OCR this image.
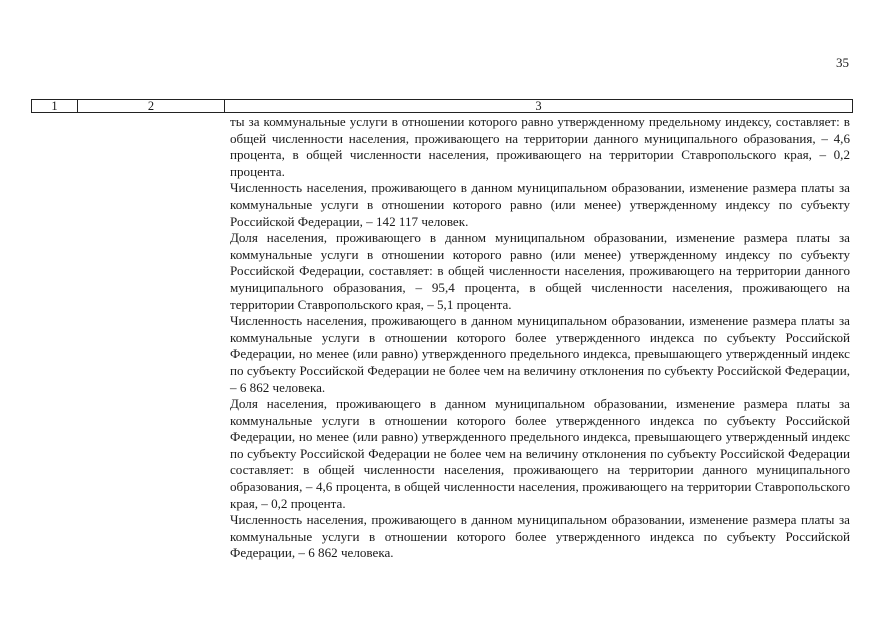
35
1	2	3

ты за коммунальные услуги в отношении которого равно утвержденному предельному индексу, составляет: в общей численности населения, проживающего на территории данного муниципального образования, – 4,6 процента, в общей численности населения, проживающего на территории Ставропольского края, – 0,2 процента.

Численность населения, проживающего в данном муниципальном образовании, изменение размера платы за коммунальные услуги в отношении которого равно (или менее) утвержденному индексу по субъекту Российской Федерации, – 142 117 человек.

Доля населения, проживающего в данном муниципальном образовании, изменение размера платы за коммунальные услуги в отношении которого равно (или менее) утвержденному индексу по субъекту Российской Федерации, составляет: в общей численности населения, проживающего на территории данного муниципального образования, – 95,4 процента, в общей численности населения, проживающего на территории Ставропольского края, – 5,1 процента.

Численность населения, проживающего в данном муниципальном образовании, изменение размера платы за коммунальные услуги в отношении которого более утвержденного индекса по субъекту Российской Федерации, но менее (или равно) утвержденного предельного индекса, превышающего утвержденный индекс по субъекту Российской Федерации не более чем на величину отклонения по субъекту Российской Федерации, – 6 862 человека.

Доля населения, проживающего в данном муниципальном образовании, изменение размера платы за коммунальные услуги в отношении которого более утвержденного индекса по субъекту Российской Федерации, но менее (или равно) утвержденного предельного индекса, превышающего утвержденный индекс по субъекту Российской Федерации не более чем на величину отклонения по субъекту Российской Федерации составляет: в общей численности населения, проживающего на территории данного муниципального образования, – 4,6 процента, в общей численности населения, проживающего на территории Ставропольского края, – 0,2 процента.

Численность населения, проживающего в данном муниципальном образовании, изменение размера платы за коммунальные услуги в отношении которого более утвержденного индекса по субъекту Российской Федерации, – 6 862 человека.
